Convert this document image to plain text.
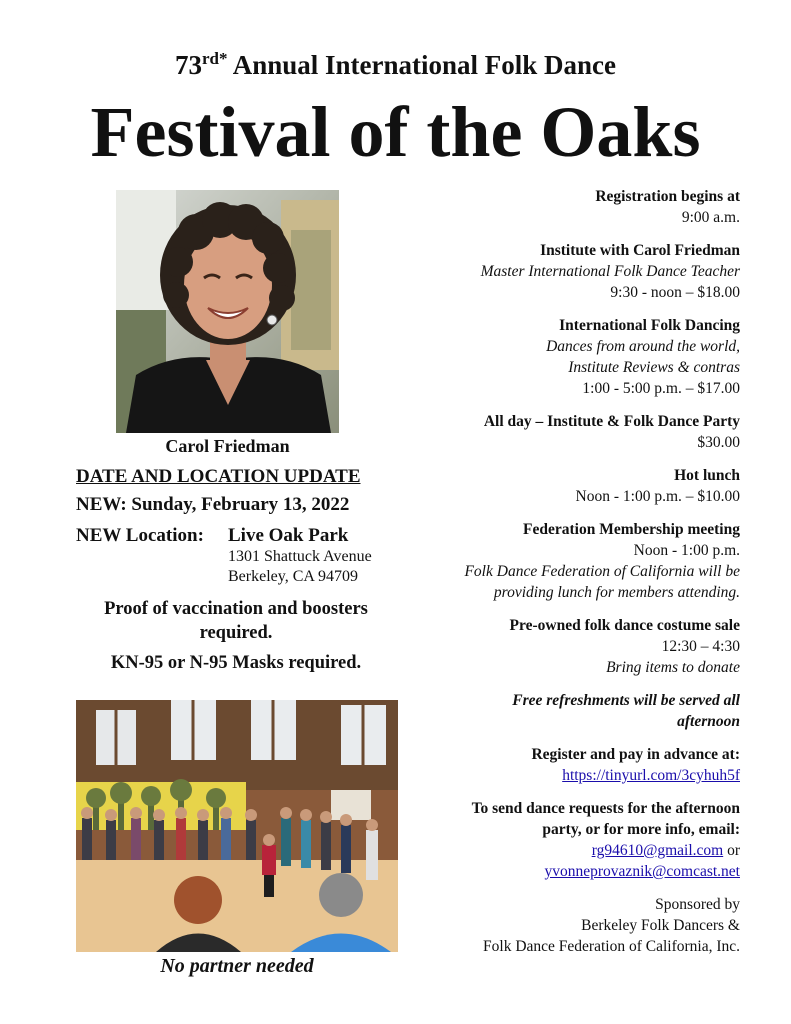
$73^{rd*}$ Annual International Folk Dance
Festival of the Oaks
Carol Friedman
DATE AND LOCATION UPDATE
NEW: Sunday, February 13, 2022
NEW Location:	Live Oak Park
1301 Shattuck Avenue
Berkeley, CA 94709
Proof of vaccination and boosters
required.
KN-95 or N-95 Masks required.
No partner needed
Registration begins at
9:00 a.m.
Institute with Carol Friedman
Master International Folk Dance Teacher
9:30 - noon – $18.00
International Folk Dancing
Dances from around the world,
Institute Reviews & contras
1:00 - 5:00 p.m. – $17.00
All day – Institute & Folk Dance Party
$30.00
Hot lunch
Noon - 1:00 p.m. – $10.00
Federation Membership meeting
Noon - 1:00 p.m.
Folk Dance Federation of California will be
providing lunch for members attending.
Pre-owned folk dance costume sale
12:30 – 4:30
Bring items to donate
Free refreshments will be served all
afternoon
Register and pay in advance at:
https://tinyurl.com/3cyhuh5f
To send dance requests for the afternoon
party, or for more info, email:
rg94610@gmail.com or
yvonneprovaznik@comcast.net
Sponsored by
Berkeley Folk Dancers &
Folk Dance Federation of California, Inc.
